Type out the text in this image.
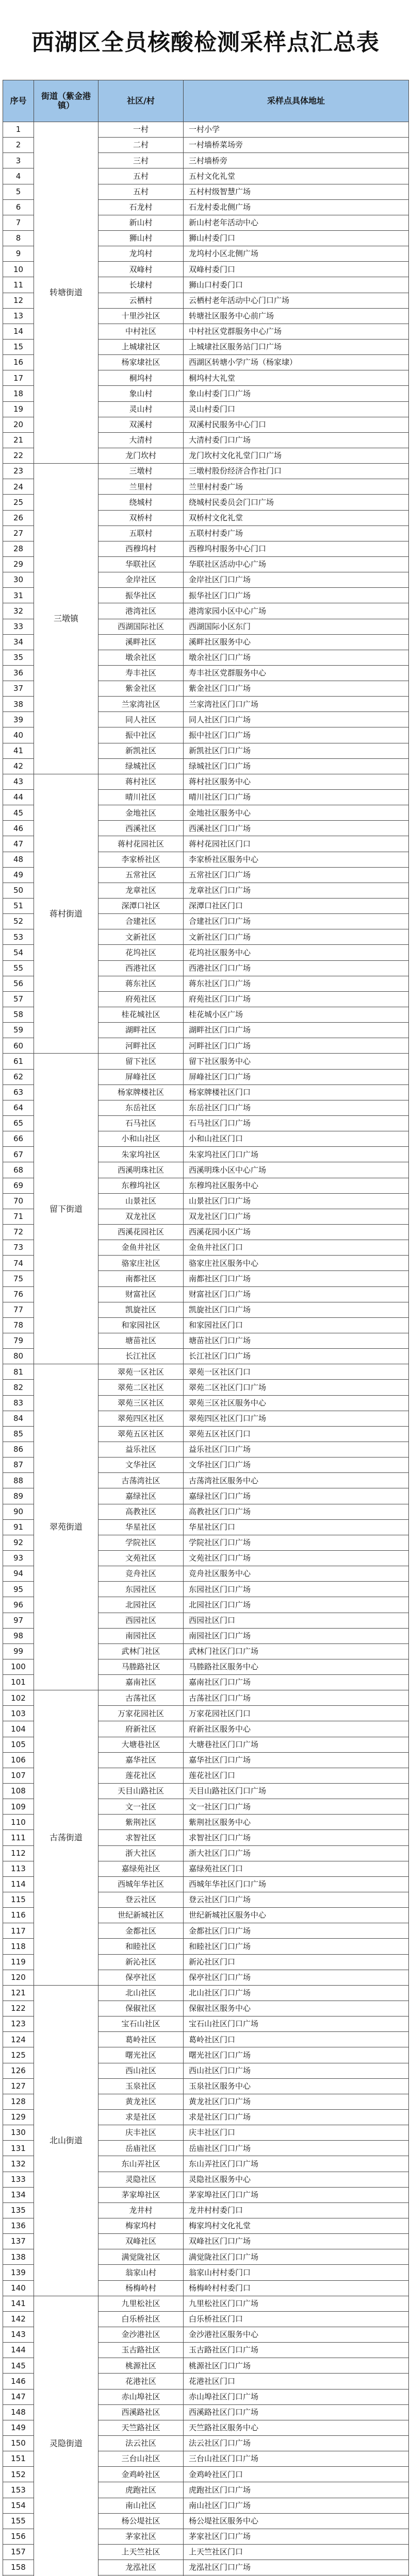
西湖区全员核酸检测采样点汇总表
序号	街道（紫金港镇）	社区/村	采样点具体地址
1	转塘街道	一村	一村小学
2		二村	一村墙桥菜场旁
3		三村	三村墙桥旁
4		五村	五村文化礼堂
5		五村	五村村级智慧广场
6		石龙村	石龙村委北侧广场
7		新山村	新山村老年活动中心
8		狮山村	狮山村委门口
9		龙坞村	龙坞村小区北侧广场
10		双峰村	双峰村委门口
11		长埭村	狮山口村委门口
12		云栖村	云栖村老年活动中心门口广场
13		十里沙社区	转塘社区服务中心前广场
14		中村社区	中村社区党群服务中心广场
15		上城埭社区	上城埭社区服务站门口广场
16		杨家埭社区	西湖区转塘小学广场（杨家埭）
17		桐坞村	桐坞村大礼堂
18		象山村	象山村委门口广场
19		灵山村	灵山村委门口
20		双溪村	双溪村民服务中心门口
21		大清村	大清村委门口广场
22		龙门坎村	龙门坎村文化礼堂门口广场
23	三墩镇	三墩村	三墩村股份经济合作社门口
24		兰里村	兰里村村委广场
25		绕城村	绕城村民委员会门口广场
26		双桥村	双桥村文化礼堂
27		五联村	五联村村委广场
28		西穆坞村	西穆坞村服务中心门口
29		华联社区	华联社区活动中心广场
30		金岸社区	金岸社区门口广场
31		振华社区	振华社区门口广场
32		港湾社区	港湾家园小区中心广场
33		西湖国际社区	西湖国际小区东门
34		溪畔社区	溪畔社区服务中心
35		墩余社区	墩余社区门口广场
36		寿丰社区	寿丰社区党群服务中心
37		紫金社区	紫金社区门口广场
38		兰家湾社区	兰家湾社区门口广场
39		同人社区	同人社区门口广场
40		振中社区	振中社区门口广场
41		新凯社区	新凯社区门口广场
42		绿城社区	绿城社区门口广场
43	蒋村街道	蒋村社区	蒋村社区服务中心
44		晴川社区	晴川社区门口广场
45		金地社区	金地社区服务中心
46		西溪社区	西溪社区门口广场
47		蒋村花园社区	蒋村花园社区门口
48		李家桥社区	李家桥社区服务中心
49		五常社区	五常社区门口广场
50		龙章社区	龙章社区门口广场
51		深潭口社区	深潭口社区门口
52		合建社区	合建社区门口广场
53		文新社区	文新社区门口广场
54		花坞社区	花坞社区服务中心
55		西港社区	西港社区门口广场
56		蒋东社区	蒋东社区门口广场
57		府苑社区	府苑社区门口广场
58		桂花城社区	桂花城小区广场
59		湖畔社区	湖畔社区门口广场
60		河畔社区	河畔社区门口广场
61	留下街道	留下社区	留下社区服务中心
62		屏峰社区	屏峰社区门口广场
63		杨家牌楼社区	杨家牌楼社区门口
64		东岳社区	东岳社区门口广场
65		石马社区	石马社区门口广场
66		小和山社区	小和山社区门口
67		朱家坞社区	朱家坞社区门口广场
68		西溪明珠社区	西溪明珠小区中心广场
69		东穆坞社区	东穆坞社区服务中心
70		山景社区	山景社区门口广场
71		双龙社区	双龙社区门口广场
72		西溪花园社区	西溪花园小区广场
73		金鱼井社区	金鱼井社区门口
74		骆家庄社区	骆家庄社区服务中心
75		南都社区	南都社区门口广场
76		财富社区	财富社区门口广场
77		凯旋社区	凯旋社区门口广场
78		和家园社区	和家园社区门口
79		塘苗社区	塘苗社区门口广场
80		长江社区	长江社区门口广场
81	翠苑街道	翠苑一区社区	翠苑一区社区门口
82		翠苑二区社区	翠苑二区社区门口广场
83		翠苑三区社区	翠苑三区社区服务中心
84		翠苑四区社区	翠苑四区社区门口广场
85		翠苑五区社区	翠苑五区社区门口
86		益乐社区	益乐社区门口广场
87		文华社区	文华社区门口广场
88		古荡湾社区	古荡湾社区服务中心
89		嘉绿社区	嘉绿社区门口广场
90		高教社区	高教社区门口广场
91		华星社区	华星社区门口
92		学院社区	学院社区门口广场
93		文苑社区	文苑社区门口广场
94		竞舟社区	竞舟社区服务中心
95		东园社区	东园社区门口广场
96		北园社区	北园社区门口广场
97		西园社区	西园社区门口
98		南园社区	南园社区门口广场
99		武林门社区	武林门社区门口广场
100		马塍路社区	马塍路社区服务中心
101		嘉南社区	嘉南社区门口广场
102	古荡街道	古荡社区	古荡社区门口广场
103		万家花园社区	万家花园社区门口
104		府新社区	府新社区服务中心
105		大塘巷社区	大塘巷社区门口广场
106		嘉华社区	嘉华社区门口广场
107		莲花社区	莲花社区门口
108		天目山路社区	天目山路社区门口广场
109		文一社区	文一社区门口广场
110		紫荆社区	紫荆社区服务中心
111		求智社区	求智社区门口广场
112		浙大社区	浙大社区门口广场
113		嘉绿苑社区	嘉绿苑社区门口
114		西城年华社区	西城年华社区门口广场
115		登云社区	登云社区门口广场
116		世纪新城社区	世纪新城社区服务中心
117		金都社区	金都社区门口广场
118		和睦社区	和睦社区门口广场
119		新沁社区	新沁社区门口
120		保亭社区	保亭社区门口广场
121	北山街道	北山社区	北山社区门口广场
122		保俶社区	保俶社区服务中心
123		宝石山社区	宝石山社区门口广场
124		葛岭社区	葛岭社区门口
125		曙光社区	曙光社区门口广场
126		西山社区	西山社区门口广场
127		玉泉社区	玉泉社区服务中心
128		黄龙社区	黄龙社区门口广场
129		求是社区	求是社区门口广场
130		庆丰社区	庆丰社区门口
131		岳庙社区	岳庙社区门口广场
132		东山弄社区	东山弄社区门口广场
133		灵隐社区	灵隐社区服务中心
134		茅家埠社区	茅家埠社区门口广场
135		龙井村	龙井村村委门口
136		梅家坞村	梅家坞村文化礼堂
137		双峰社区	双峰社区门口广场
138		满觉陇社区	满觉陇社区门口广场
139		翁家山村	翁家山村村委门口
140		杨梅岭村	杨梅岭村村委门口
141	灵隐街道	九里松社区	九里松社区门口广场
142		白乐桥社区	白乐桥社区门口
143		金沙港社区	金沙港社区服务中心
144		玉古路社区	玉古路社区门口广场
145		桃源社区	桃源社区门口广场
146		花港社区	花港社区门口
147		赤山埠社区	赤山埠社区门口广场
148		西溪路社区	西溪路社区门口广场
149		天竺路社区	天竺路社区服务中心
150		法云社区	法云社区门口广场
151		三台山社区	三台山社区门口广场
152		金鸡岭社区	金鸡岭社区门口
153		虎跑社区	虎跑社区门口广场
154		南山社区	南山社区门口广场
155		杨公堤社区	杨公堤社区服务中心
156		茅家社区	茅家社区门口广场
157		上天竺社区	上天竺社区门口
158		龙泓社区	龙泓社区门口广场
